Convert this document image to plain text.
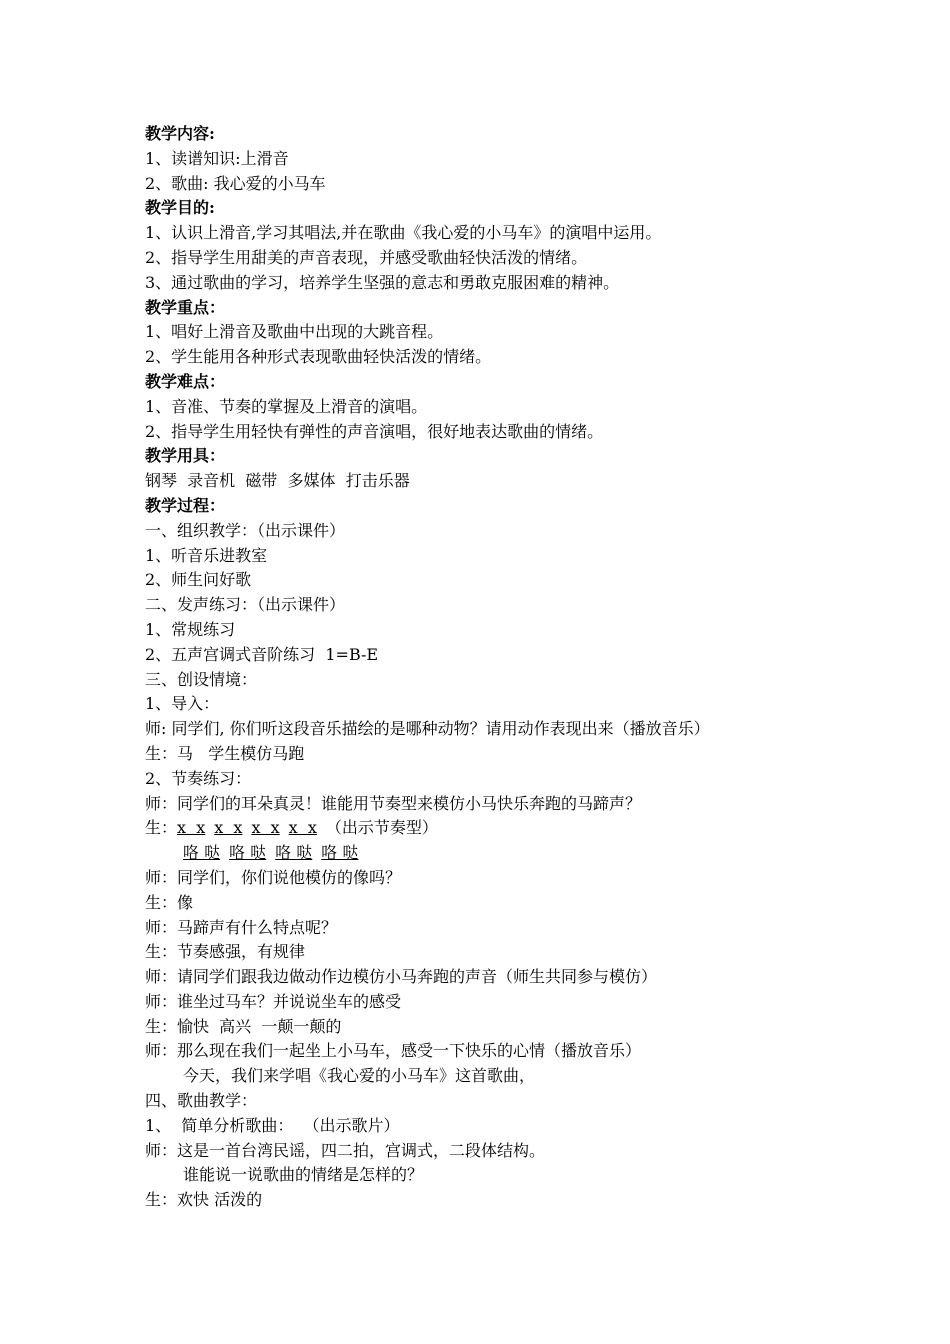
教学内容:
1、读谱知识:上滑音
2、歌曲: 我心爱的小马车
教学目的:
1、认识上滑音,学习其唱法,并在歌曲《我心爱的小马车》的演唱中运用。
2、指导学生用甜美的声音表现，并感受歌曲轻快活泼的情绪。
3、通过歌曲的学习，培养学生坚强的意志和勇敢克服困难的精神。
教学重点：
1、唱好上滑音及歌曲中出现的大跳音程。
2、学生能用各种形式表现歌曲轻快活泼的情绪。
教学难点：
1、音准、节奏的掌握及上滑音的演唱。
2、指导学生用轻快有弹性的声音演唱，很好地表达歌曲的情绪。
教学用具：
钢琴  录音机  磁带  多媒体  打击乐器
教学过程：
一、组织教学：（出示课件）
1、听音乐进教室
2、师生问好歌
二、发声练习：（出示课件）
1、常规练习
2、五声宫调式音阶练习  1=B-E
三、创设情境：
1、导入：
师: 同学们, 你们听这段音乐描绘的是哪种动物？请用动作表现出来（播放音乐）
生：马   学生模仿马跑
2、节奏练习：
师：同学们的耳朵真灵！谁能用节奏型来模仿小马快乐奔跑的马蹄声？
生： x  x x  x x  x x  x （出示节奏型）
咯 哒 咯 哒 咯 哒 咯 哒
师：同学们，你们说他模仿的像吗？
生：像
师：马蹄声有什么特点呢？
生：节奏感强，有规律
师：请同学们跟我边做动作边模仿小马奔跑的声音（师生共同参与模仿）
师：谁坐过马车？并说说坐车的感受
生：愉快  高兴  一颠一颠的
师：那么现在我们一起坐上小马车，感受一下快乐的心情（播放音乐）
今天，我们来学唱《我心爱的小马车》这首歌曲，
四、歌曲教学：
1、  简单分析歌曲：  （出示歌片）
师：这是一首台湾民谣，四二拍，宫调式，二段体结构。
谁能说一说歌曲的情绪是怎样的？
生：欢快 活泼的
